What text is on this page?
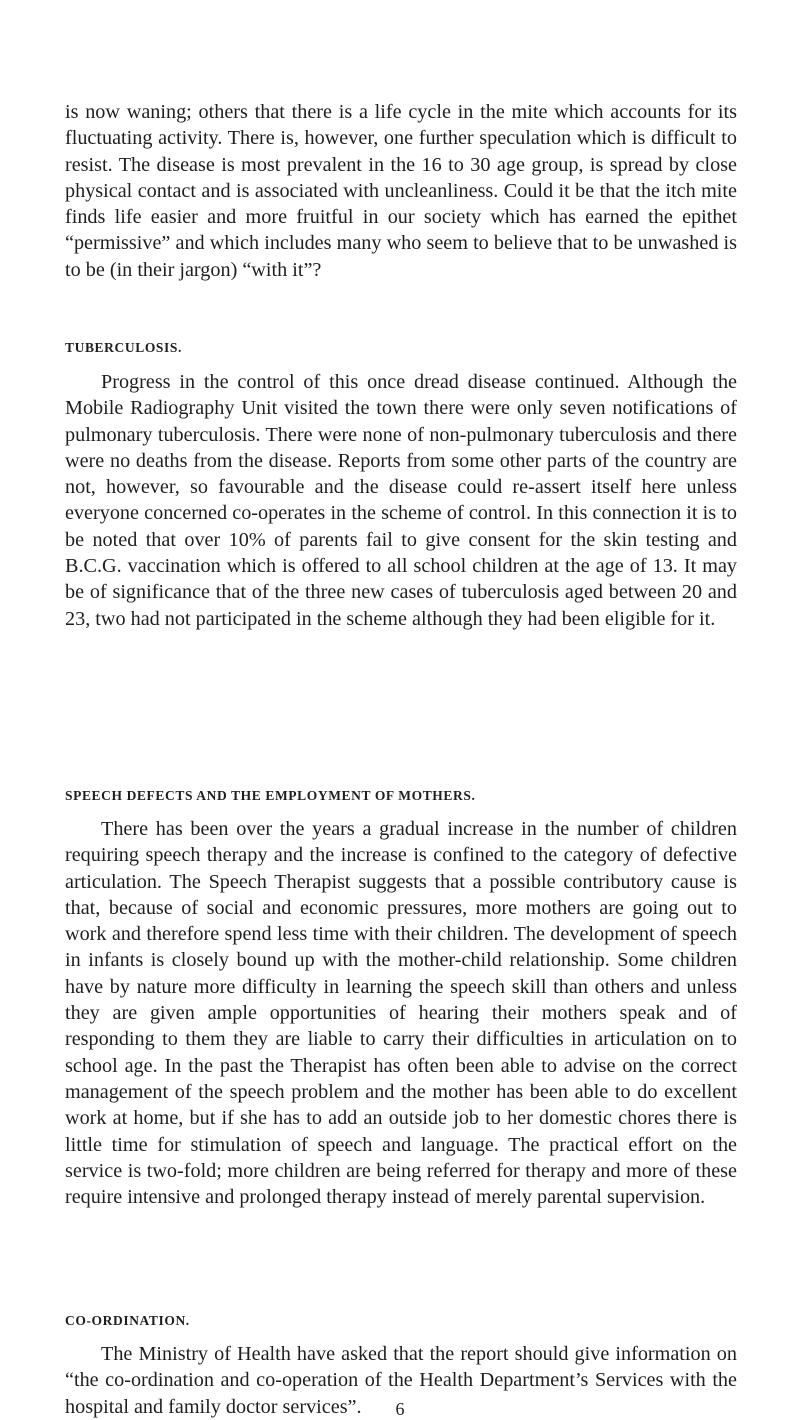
is now waning; others that there is a life cycle in the mite which accounts for its fluctuating activity. There is, however, one further speculation which is difficult to resist. The disease is most prevalent in the 16 to 30 age group, is spread by close physical contact and is associated with uncleanliness. Could it be that the itch mite finds life easier and more fruitful in our society which has earned the epithet “permissive” and which includes many who seem to believe that to be unwashed is to be (in their jargon) “with it”?

TUBERCULOSIS.

Progress in the control of this once dread disease continued. Although the Mobile Radiography Unit visited the town there were only seven notifications of pulmonary tuberculosis. There were none of non-pulmonary tuberculosis and there were no deaths from the disease. Reports from some other parts of the country are not, however, so favourable and the disease could re-assert itself here unless everyone concerned co-operates in the scheme of control. In this connection it is to be noted that over 10% of parents fail to give consent for the skin testing and B.C.G. vaccination which is offered to all school children at the age of 13. It may be of significance that of the three new cases of tuberculosis aged between 20 and 23, two had not participated in the scheme although they had been eligible for it.

SPEECH DEFECTS AND THE EMPLOYMENT OF MOTHERS.

There has been over the years a gradual increase in the number of children requiring speech therapy and the increase is confined to the category of defective articulation. The Speech Therapist suggests that a possible contributory cause is that, because of social and economic pressures, more mothers are going out to work and therefore spend less time with their children. The development of speech in infants is closely bound up with the mother-child relationship. Some children have by nature more difficulty in learning the speech skill than others and unless they are given ample opportunities of hearing their mothers speak and of responding to them they are liable to carry their difficulties in articulation on to school age. In the past the Therapist has often been able to advise on the correct management of the speech problem and the mother has been able to do excellent work at home, but if she has to add an outside job to her domestic chores there is little time for stimulation of speech and language. The practical effort on the service is two-fold; more children are being referred for therapy and more of these require intensive and prolonged therapy instead of merely parental supervision.

CO-ORDINATION.

The Ministry of Health have asked that the report should give information on “the co-ordination and co-operation of the Health Department’s Services with the hospital and family doctor services”.	6
